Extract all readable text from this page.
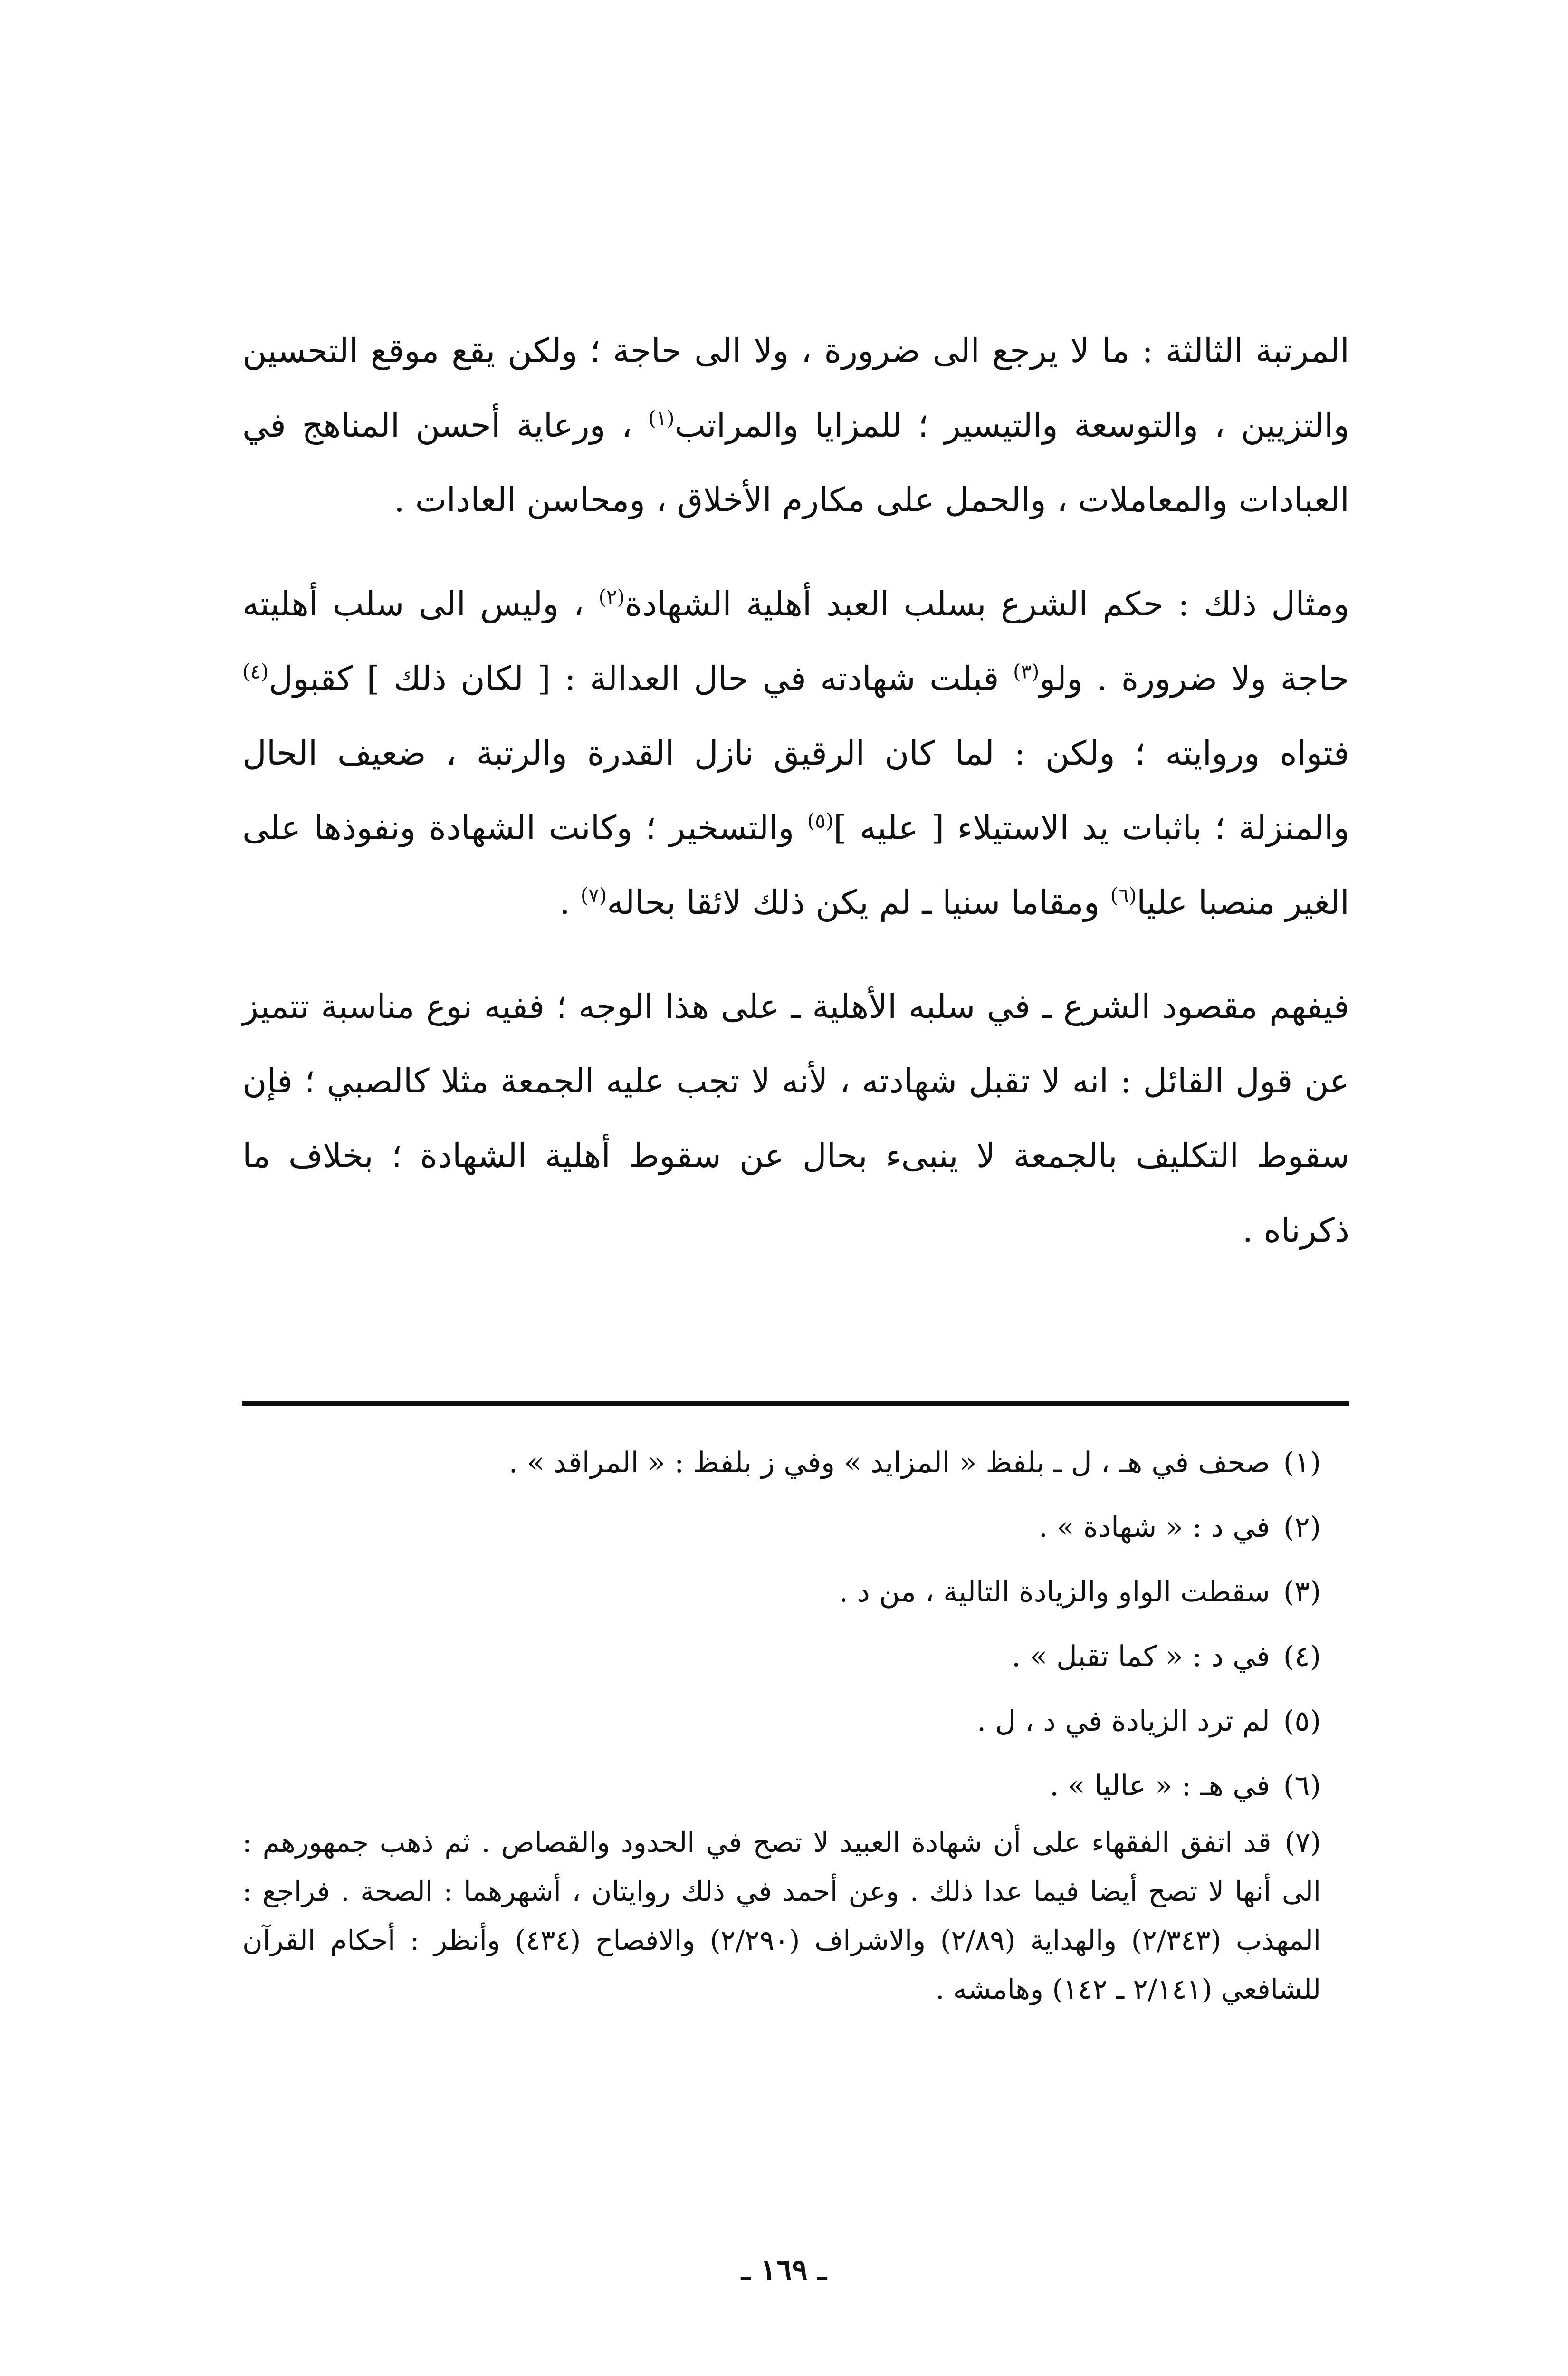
المرتبة الثالثة : ما لا يرجع الى ضرورة ، ولا الى حاجة ؛ ولكن يقع موقع التحسين والتزيين ، والتوسعة والتيسير ؛ للمزايا والمراتب$^{(١)}$ ، ورعاية أحسن المناهج في العبادات والمعاملات ، والحمل على مكارم الأخلاق ، ومحاسن العادات .

ومثال ذلك : حكم الشرع بسلب العبد أهلية الشهادة$^{(٢)}$ ، وليس الى سلب أهليته حاجة ولا ضرورة . ولو$^{(٣)}$ قبلت شهادته في حال العدالة : [ لكان ذلك ] كقبول$^{(٤)}$ فتواه وروايته ؛ ولكن : لما كان الرقيق نازل القدرة والرتبة ، ضعيف الحال والمنزلة ؛ باثبات يد الاستيلاء [ عليه ]$^{(٥)}$ والتسخير ؛ وكانت الشهادة ونفوذها على الغير منصبا عليا$^{(٦)}$ ومقاما سنيا ـ لم يكن ذلك لائقا بحاله$^{(٧)}$ .

فيفهم مقصود الشرع ـ في سلبه الأهلية ـ على هذا الوجه ؛ ففيه نوع مناسبة تتميز عن قول القائل : انه لا تقبل شهادته ، لأنه لا تجب عليه الجمعة مثلا كالصبي ؛ فإن سقوط التكليف بالجمعة لا ينبىء بحال عن سقوط أهلية الشهادة ؛ بخلاف ما ذكرناه .

(١)صحف في هـ ، ل ـ بلفظ « المزايد » وفي ز بلفظ : « المراقد » .

(٢)في د : « شهادة » .

(٣)سقطت الواو والزيادة التالية ، من د .

(٤)في د : « كما تقبل » .

(٥)لم ترد الزيادة في د ، ل .

(٦)في هـ : « عاليا » .

(٧)قد اتفق الفقهاء على أن شهادة العبيد لا تصح في الحدود والقصاص . ثم ذهب جمهورهم : الى أنها لا تصح أيضا فيما عدا ذلك . وعن أحمد في ذلك روايتان ، أشهرهما : الصحة . فراجع : المهذب (٢/٣٤٣) والهداية (٢/٨٩) والاشراف (٢/٢٩٠) والافصاح (٤٣٤) وأنظر : أحكام القرآن للشافعي (٢/١٤١ ـ ١٤٢) وهامشه .

ـ ١٦٩ ـ
